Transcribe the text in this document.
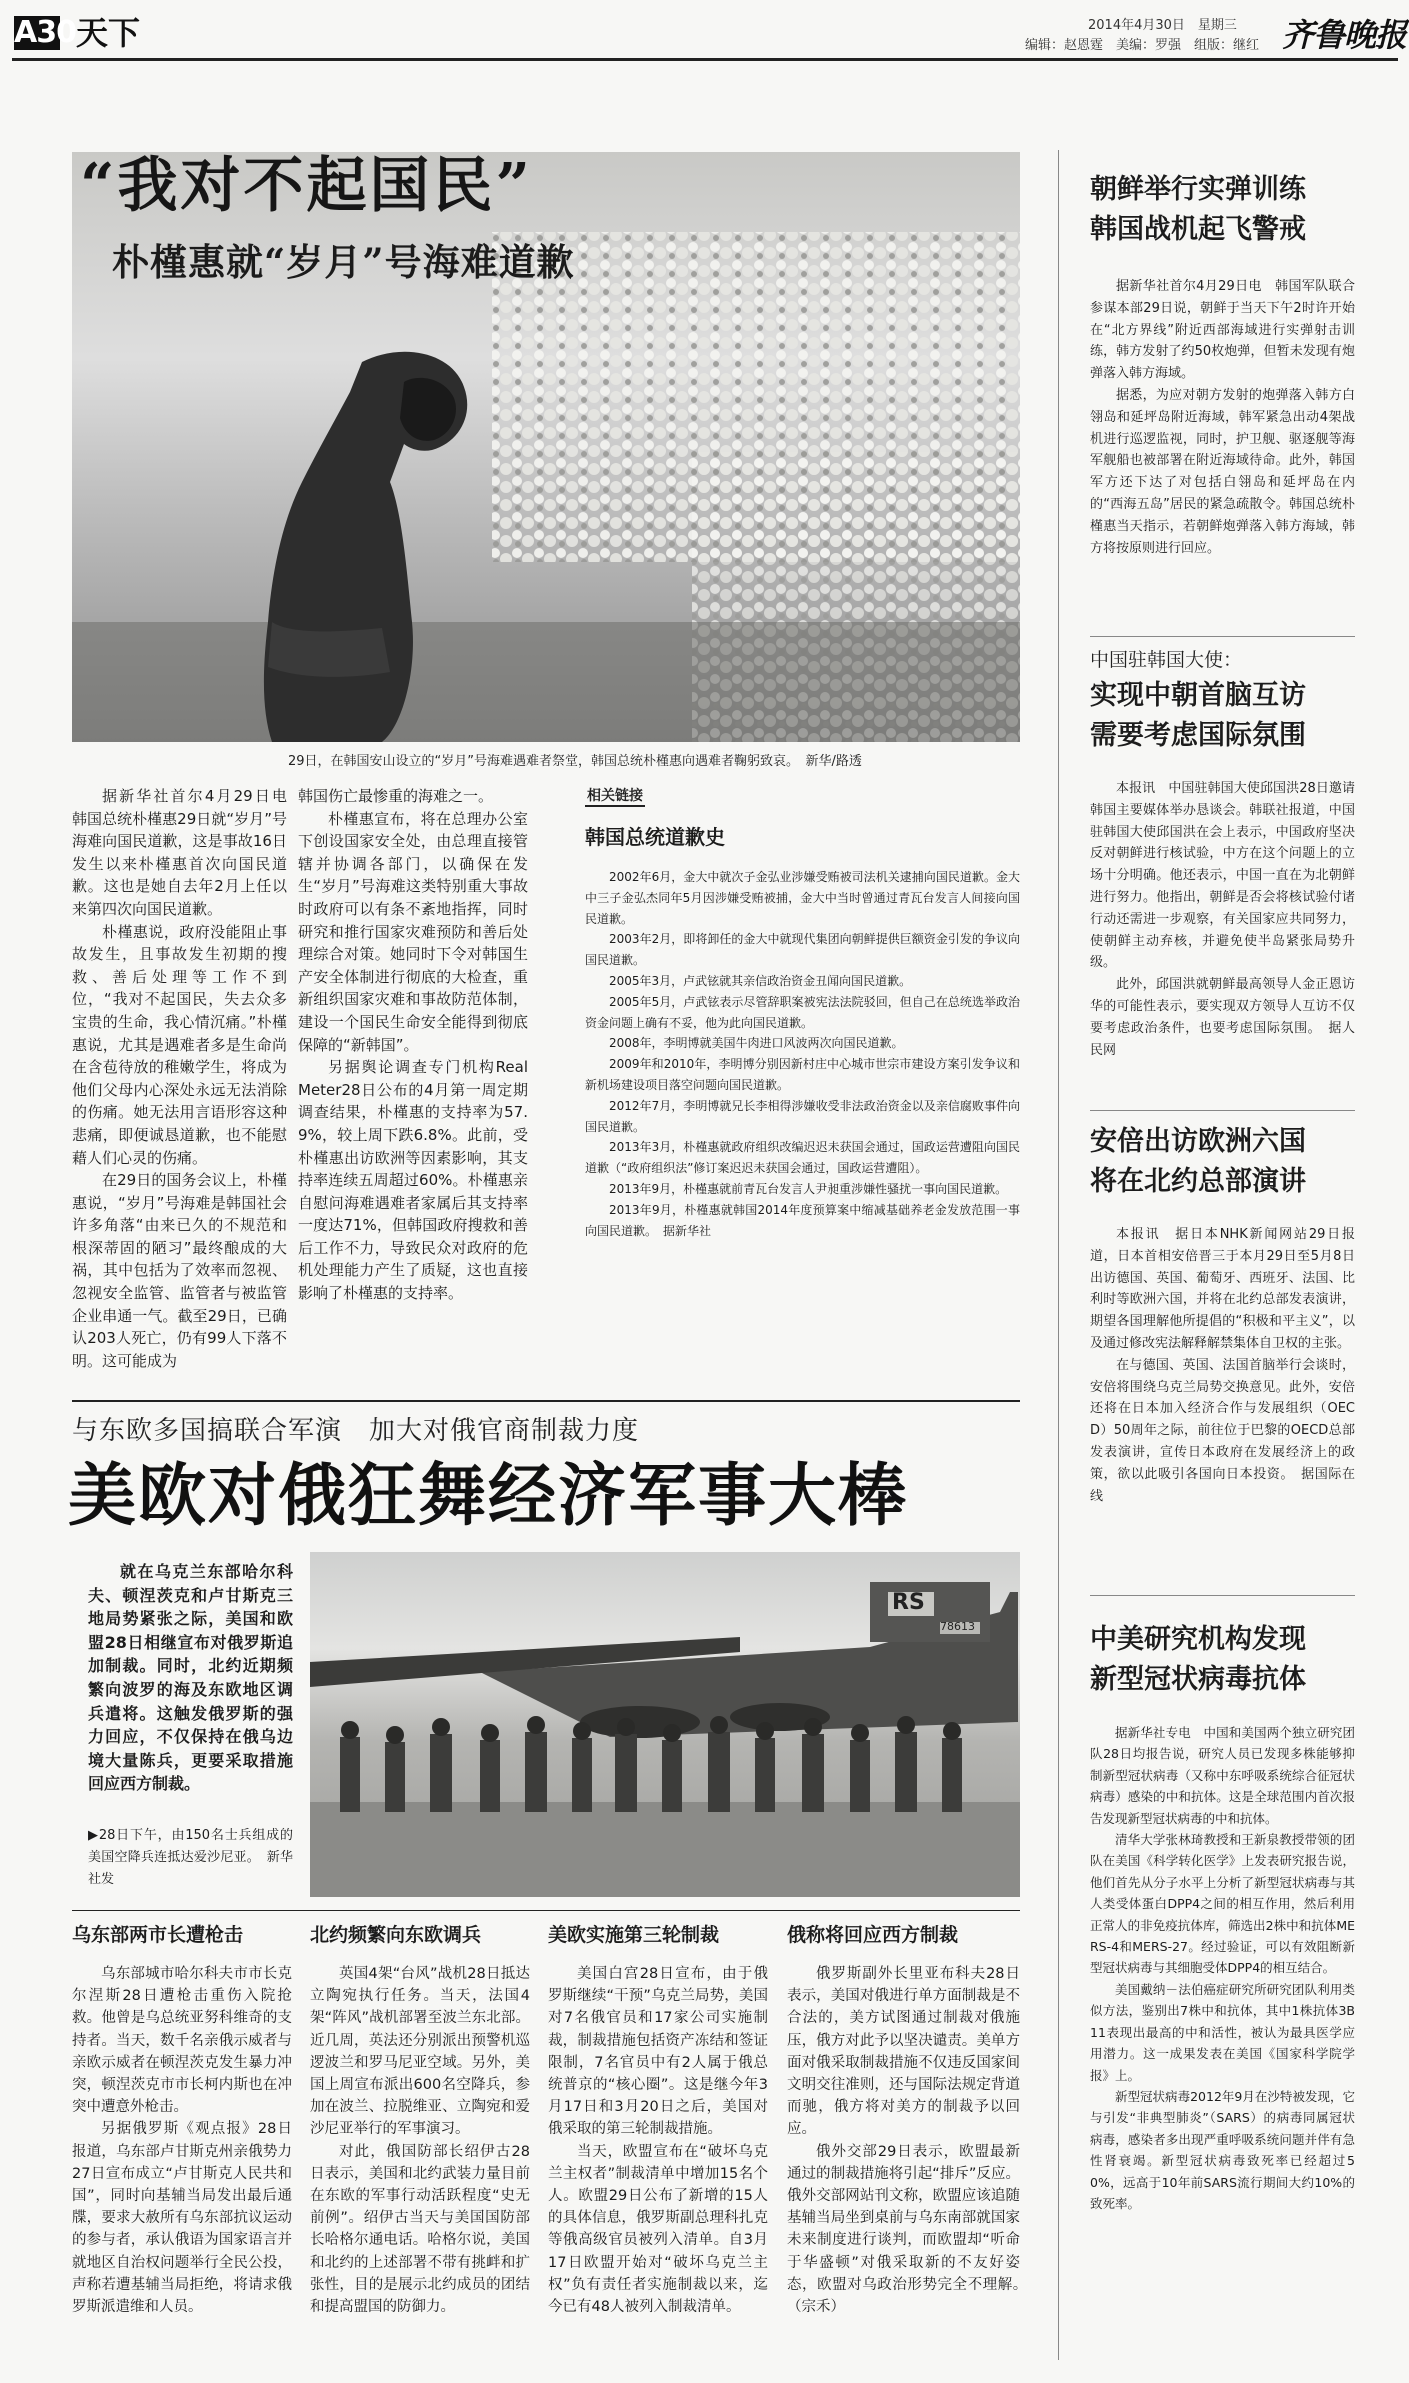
A30 天下	2014年4月30日　星期三
编辑：赵恩霆　美编：罗强　组版：继红 齐鲁晚报
“我对不起国民”
朴槿惠就“岁月”号海难道歉
29日，在韩国安山设立的“岁月”号海难遇难者祭堂，韩国总统朴槿惠向遇难者鞠躬致哀。　新华/路透

据新华社首尔4月29日电　韩国总统朴槿惠29日就“岁月”号海难向国民道歉，这是事故16日发生以来朴槿惠首次向国民道歉。这也是她自去年2月上任以来第四次向国民道歉。

朴槿惠说，政府没能阻止事故发生，且事故发生初期的搜救、善后处理等工作不到位，“我对不起国民，失去众多宝贵的生命，我心情沉痛。”朴槿惠说，尤其是遇难者多是生命尚在含苞待放的稚嫩学生，将成为他们父母内心深处永远无法消除的伤痛。她无法用言语形容这种悲痛，即便诚恳道歉，也不能慰藉人们心灵的伤痛。

在29日的国务会议上，朴槿惠说，“岁月”号海难是韩国社会许多角落“由来已久的不规范和根深蒂固的陋习”最终酿成的大祸，其中包括为了效率而忽视、忽视安全监管、监管者与被监管企业串通一气。截至29日，已确认203人死亡，仍有99人下落不明。这可能成为

韩国伤亡最惨重的海难之一。

朴槿惠宣布，将在总理办公室下创设国家安全处，由总理直接管辖并协调各部门，以确保在发生“岁月”号海难这类特别重大事故时政府可以有条不紊地指挥，同时研究和推行国家灾难预防和善后处理综合对策。她同时下令对韩国生产安全体制进行彻底的大检查，重新组织国家灾难和事故防范体制，建设一个国民生命安全能得到彻底保障的“新韩国”。

另据舆论调查专门机构Real Meter28日公布的4月第一周定期调查结果，朴槿惠的支持率为57.9%，较上周下跌6.8%。此前，受朴槿惠出访欧洲等因素影响，其支持率连续五周超过60%。朴槿惠亲自慰问海难遇难者家属后其支持率一度达71%，但韩国政府搜救和善后工作不力，导致民众对政府的危机处理能力产生了质疑，这也直接影响了朴槿惠的支持率。

相关链接
韩国总统道歉史

2002年6月，金大中就次子金弘业涉嫌受贿被司法机关逮捕向国民道歉。金大中三子金弘杰同年5月因涉嫌受贿被捕，金大中当时曾通过青瓦台发言人间接向国民道歉。

2003年2月，即将卸任的金大中就现代集团向朝鲜提供巨额资金引发的争议向国民道歉。

2005年3月，卢武铉就其亲信政治资金丑闻向国民道歉。

2005年5月，卢武铉表示尽管辞职案被宪法法院驳回，但自己在总统选举政治资金问题上确有不妥，他为此向国民道歉。

2008年，李明博就美国牛肉进口风波两次向国民道歉。

2009年和2010年，李明博分别因新村庄中心城市世宗市建设方案引发争议和新机场建设项目落空问题向国民道歉。

2012年7月，李明博就兄长李相得涉嫌收受非法政治资金以及亲信腐败事件向国民道歉。

2013年3月，朴槿惠就政府组织改编迟迟未获国会通过，国政运营遭阻向国民道歉（“政府组织法”修订案迟迟未获国会通过，国政运营遭阻）。

2013年9月，朴槿惠就前青瓦台发言人尹昶重涉嫌性骚扰一事向国民道歉。

2013年9月，朴槿惠就韩国2014年度预算案中缩减基础养老金发放范围一事向国民道歉。　据新华社

朝鲜举行实弹训练
韩国战机起飞警戒

据新华社首尔4月29日电　韩国军队联合参谋本部29日说，朝鲜于当天下午2时许开始在“北方界线”附近西部海域进行实弹射击训练，韩方发射了约50枚炮弹，但暂未发现有炮弹落入韩方海域。

据悉，为应对朝方发射的炮弹落入韩方白翎岛和延坪岛附近海域，韩军紧急出动4架战机进行巡逻监视，同时，护卫舰、驱逐舰等海军舰船也被部署在附近海域待命。此外，韩国军方还下达了对包括白翎岛和延坪岛在内的“西海五岛”居民的紧急疏散令。韩国总统朴槿惠当天指示，若朝鲜炮弹落入韩方海域，韩方将按原则进行回应。

中国驻韩国大使：
实现中朝首脑互访
需要考虑国际氛围

本报讯　中国驻韩国大使邱国洪28日邀请韩国主要媒体举办恳谈会。韩联社报道，中国驻韩国大使邱国洪在会上表示，中国政府坚决反对朝鲜进行核试验，中方在这个问题上的立场十分明确。他还表示，中国一直在为北朝鲜进行努力。他指出，朝鲜是否会将核试验付诸行动还需进一步观察，有关国家应共同努力，使朝鲜主动弃核，并避免使半岛紧张局势升级。

此外，邱国洪就朝鲜最高领导人金正恩访华的可能性表示，要实现双方领导人互访不仅要考虑政治条件，也要考虑国际氛围。　据人民网

安倍出访欧洲六国
将在北约总部演讲

本报讯　据日本NHK新闻网站29日报道，日本首相安倍晋三于本月29日至5月8日出访德国、英国、葡萄牙、西班牙、法国、比利时等欧洲六国，并将在北约总部发表演讲，期望各国理解他所提倡的“积极和平主义”，以及通过修改宪法解释解禁集体自卫权的主张。

在与德国、英国、法国首脑举行会谈时，安倍将围绕乌克兰局势交换意见。此外，安倍还将在日本加入经济合作与发展组织（OECD）50周年之际，前往位于巴黎的OECD总部发表演讲，宣传日本政府在发展经济上的政策，欲以此吸引各国向日本投资。　据国际在线

中美研究机构发现
新型冠状病毒抗体

据新华社专电　中国和美国两个独立研究团队28日均报告说，研究人员已发现多株能够抑制新型冠状病毒（又称中东呼吸系统综合征冠状病毒）感染的中和抗体。这是全球范围内首次报告发现新型冠状病毒的中和抗体。

清华大学张林琦教授和王新泉教授带领的团队在美国《科学转化医学》上发表研究报告说，他们首先从分子水平上分析了新型冠状病毒与其人类受体蛋白DPP4之间的相互作用，然后利用正常人的非免疫抗体库，筛选出2株中和抗体MERS-4和MERS-27。经过验证，可以有效阻断新型冠状病毒与其细胞受体DPP4的相互结合。

美国戴纳－法伯癌症研究所研究团队利用类似方法，鉴别出7株中和抗体，其中1株抗体3B11表现出最高的中和活性，被认为最具医学应用潜力。这一成果发表在美国《国家科学院学报》上。

新型冠状病毒2012年9月在沙特被发现，它与引发“非典型肺炎”（SARS）的病毒同属冠状病毒，感染者多出现严重呼吸系统问题并伴有急性肾衰竭。新型冠状病毒致死率已经超过50%，远高于10年前SARS流行期间大约10%的致死率。

与东欧多国搞联合军演　加大对俄官商制裁力度
美欧对俄狂舞经济军事大棒

就在乌克兰东部哈尔科夫、顿涅茨克和卢甘斯克三地局势紧张之际，美国和欧盟28日相继宣布对俄罗斯追加制裁。同时，北约近期频繁向波罗的海及东欧地区调兵遣将。这触发俄罗斯的强力回应，不仅保持在俄乌边境大量陈兵，更要采取措施回应西方制裁。

▶28日下午，由150名士兵组成的美国空降兵连抵达爱沙尼亚。　新华社发
RS
78613
乌东部两市长遭枪击

乌东部城市哈尔科夫市市长克尔涅斯28日遭枪击重伤入院抢救。他曾是乌总统亚努科维奇的支持者。当天，数千名亲俄示威者与亲欧示威者在顿涅茨克发生暴力冲突，顿涅茨克市市长柯内斯也在冲突中遭意外枪击。

另据俄罗斯《观点报》28日报道，乌东部卢甘斯克州亲俄势力27日宣布成立“卢甘斯克人民共和国”，同时向基辅当局发出最后通牒，要求大赦所有乌东部抗议运动的参与者，承认俄语为国家语言并就地区自治权问题举行全民公投，声称若遭基辅当局拒绝，将请求俄罗斯派遣维和人员。

北约频繁向东欧调兵

英国4架“台风”战机28日抵达立陶宛执行任务。当天，法国4架“阵风”战机部署至波兰东北部。近几周，英法还分别派出预警机巡逻波兰和罗马尼亚空域。另外，美国上周宣布派出600名空降兵，参加在波兰、拉脱维亚、立陶宛和爱沙尼亚举行的军事演习。

对此，俄国防部长绍伊古28日表示，美国和北约武装力量目前在东欧的军事行动活跃程度“史无前例”。绍伊古当天与美国国防部长哈格尔通电话。哈格尔说，美国和北约的上述部署不带有挑衅和扩张性，目的是展示北约成员的团结和提高盟国的防御力。

美欧实施第三轮制裁

美国白宫28日宣布，由于俄罗斯继续“干预”乌克兰局势，美国对7名俄官员和17家公司实施制裁，制裁措施包括资产冻结和签证限制，7名官员中有2人属于俄总统普京的“核心圈”。这是继今年3月17日和3月20日之后，美国对俄采取的第三轮制裁措施。

当天，欧盟宣布在“破坏乌克兰主权者”制裁清单中增加15名个人。欧盟29日公布了新增的15人的具体信息，俄罗斯副总理科扎克等俄高级官员被列入清单。自3月17日欧盟开始对“破坏乌克兰主权”负有责任者实施制裁以来，迄今已有48人被列入制裁清单。

俄称将回应西方制裁

俄罗斯副外长里亚布科夫28日表示，美国对俄进行单方面制裁是不合法的，美方试图通过制裁对俄施压，俄方对此予以坚决谴责。美单方面对俄采取制裁措施不仅违反国家间文明交往准则，还与国际法规定背道而驰，俄方将对美方的制裁予以回应。

俄外交部29日表示，欧盟最新通过的制裁措施将引起“排斥”反应。俄外交部网站刊文称，欧盟应该追随基辅当局坐到桌前与乌东南部就国家未来制度进行谈判，而欧盟却“听命于华盛顿”对俄采取新的不友好姿态，欧盟对乌政治形势完全不理解。　（宗禾）
